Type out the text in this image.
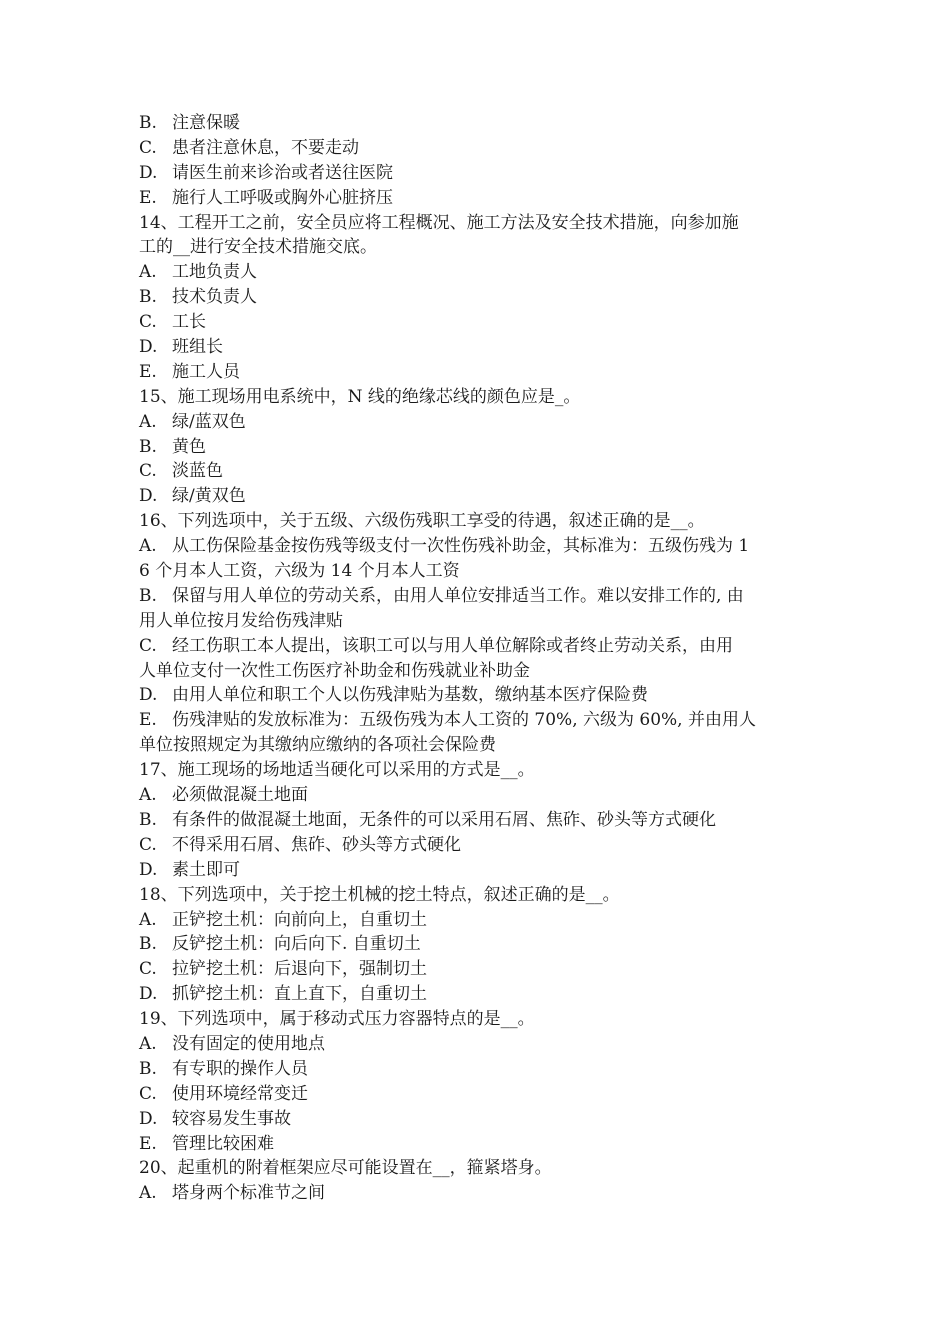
B. 注意保暖
C. 患者注意休息，不要走动
D. 请医生前来诊治或者送往医院
E. 施行人工呼吸或胸外心脏挤压
14、工程开工之前，安全员应将工程概况、施工方法及安全技术措施，向参加施
工的__进行安全技术措施交底。
A. 工地负责人
B. 技术负责人
C. 工长
D. 班组长
E. 施工人员
15、施工现场用电系统中，N 线的绝缘芯线的颜色应是_。
A. 绿/蓝双色
B. 黄色
C. 淡蓝色
D. 绿/黄双色
16、下列选项中，关于五级、六级伤残职工享受的待遇，叙述正确的是__。
A. 从工伤保险基金按伤残等级支付一次性伤残补助金，其标准为：五级伤残为 1
6 个月本人工资，六级为 14 个月本人工资
B. 保留与用人单位的劳动关系，由用人单位安排适当工作。难以安排工作的, 由
用人单位按月发给伤残津贴
C. 经工伤职工本人提出，该职工可以与用人单位解除或者终止劳动关系，由用
人单位支付一次性工伤医疗补助金和伤残就业补助金
D. 由用人单位和职工个人以伤残津贴为基数，缴纳基本医疗保险费
E. 伤残津贴的发放标准为：五级伤残为本人工资的 70%, 六级为 60%, 并由用人
单位按照规定为其缴纳应缴纳的各项社会保险费
17、施工现场的场地适当硬化可以采用的方式是__。
A. 必须做混凝土地面
B. 有条件的做混凝土地面，无条件的可以采用石屑、焦砟、砂头等方式硬化
C. 不得采用石屑、焦砟、砂头等方式硬化
D. 素土即可
18、下列选项中，关于挖土机械的挖土特点，叙述正确的是__。
A. 正铲挖土机：向前向上，自重切土
B. 反铲挖土机：向后向下. 自重切土
C. 拉铲挖土机：后退向下，强制切土
D. 抓铲挖土机：直上直下，自重切土
19、下列选项中，属于移动式压力容器特点的是__。
A. 没有固定的使用地点
B. 有专职的操作人员
C. 使用环境经常变迁
D. 较容易发生事故
E. 管理比较困难
20、起重机的附着框架应尽可能设置在__，箍紧塔身。
A. 塔身两个标准节之间
